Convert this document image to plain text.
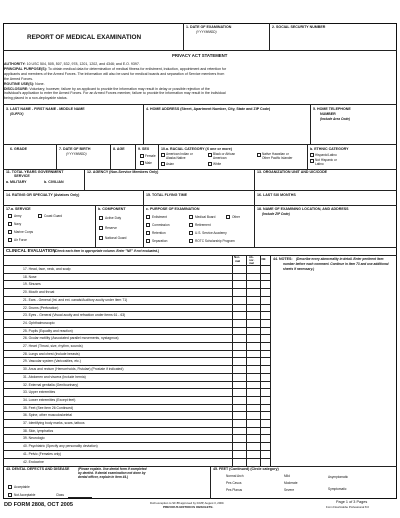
REPORT OF MEDICAL EXAMINATION
1. DATE OF EXAMINATION
(YYYYMMDD)
2. SOCIAL SECURITY NUMBER
PRIVACY ACT STATEMENT
AUTHORITY: 10 USC 504, 505, 507, 532, 978, 1201, 1202, and 4346; and E.O. 9397.
PRINCIPAL PURPOSE(S): To obtain medical data for determination of medical fitness for enlistment, induction, appointment and retention for
applicants and members of the Armed Forces. The information will also be used for medical boards and separation of Service members from
the Armed Forces.
ROUTINE USE(S): None.
DISCLOSURE: Voluntary; however, failure by an applicant to provide the information may result in delay or possible rejection of the
individual's application to enter the Armed Forces. For an Armed Forces member, failure to provide the information may result in the individual
being placed in a non-deployable status.
3. LAST NAME - FIRST NAME - MIDDLE NAME
(SUFFIX)
4. HOME ADDRESS (Street, Apartment Number, City, State and ZIP Code)	5. HOME TELEPHONE
NUMBER
(Include Area Code)
6. GRADE	7. DATE OF BIRTH
(YYYYMMDD)
8. AGE	9. SEX
Female
Male
10.a. RACIAL CATEGORY (X one or more)
American Indian or
Alaska Native
Asian
Black or African
American
White
Native Hawaiian or
Other Pacific Islander
b. ETHNIC CATEGORY
Hispanic/Latino
Not Hispanic or
Latino
11. TOTAL YEARS GOVERNMENT
SERVICE
a. MILITARY	b. CIVILIAN
12. AGENCY (Non-Service Members Only)	13. ORGANIZATION UNIT AND UIC/CODE
14. RATING OR SPECIALTY (Aviators Only)	15. TOTAL FLYING TIME	16. LAST SIX MONTHS
17.a. SERVICE
Army	Coast Guard
Navy
Marine Corps
Air Force
b. COMPONENT
Active Duty
Reserve
National Guard
c. PURPOSE OF EXAMINATION
Enlistment	Medical Board	Other
Commission	Retirement
Retention	U.S. Service Academy
Separation	ROTC Scholarship Program
18. NAME OF EXAMINING LOCATION, AND ADDRESS
(Include ZIP Code)
CLINICAL EVALUATION
(Check each item in appropriate column. Enter "NE" if not evaluated.)
Nor-
mal
Ab-
nor-
mal
NE 44. NOTES: (Describe every abnormality in detail. Enter pertinent item
number before each comment. Continue in item 73 and use additional
sheets if necessary.)
17. Head, face, neck, and scalp
18. Nose
19. Sinuses
20. Mouth and throat
21. Ears - General (Int. and ext. canals/Auditory acuity under item 71)
22. Drums (Perforation)
23. Eyes - General (Visual acuity and refraction under items 61 - 63)
24. Ophthalmoscopic
25. Pupils (Equality and reaction)
26. Ocular motility (Associated parallel movements, nystagmus)
27. Heart (Thrust, size, rhythm, sounds)
28. Lungs and chest (Include breasts)
29. Vascular system (Varicosities, etc.)
30. Anus and rectum (Hemorrhoids, Fistulae) (Prostate if indicated)
31. Abdomen and viscera (Include hernia)
32. External genitalia (Genitourinary)
33. Upper extremities
34. Lower extremities (Except feet)
35. Feet (See item 26 Continued)
36. Spine, other musculoskeletal
37. Identifying body marks, scars, tattoos
38. Skin, lymphatics
39. Neurologic
40. Psychiatric (Specify any personality deviation)
41. Pelvic (Females only)
42. Endocrine
43. DENTAL DEFECTS AND DISEASE	(Please explain. Use dental form if completed
by dentist. If dental examination not done by
dental officer, explain in item 44.)
Acceptable
Not Acceptable	Class
45. FEET (Continued) (Circle category)
Normal Arch	Mild	Asymptomatic
Pes Cavus	Moderate
Pes Planus	Severe	Symptomatic
DD FORM 2808, OCT 2005	DoD exception to SF 88 approved by ICMP, August 3, 2000.
PREVIOUS EDITION IS OBSOLETE.
Page 1 of 3 Pages
Form Flow/Adobe Professional 8.0
